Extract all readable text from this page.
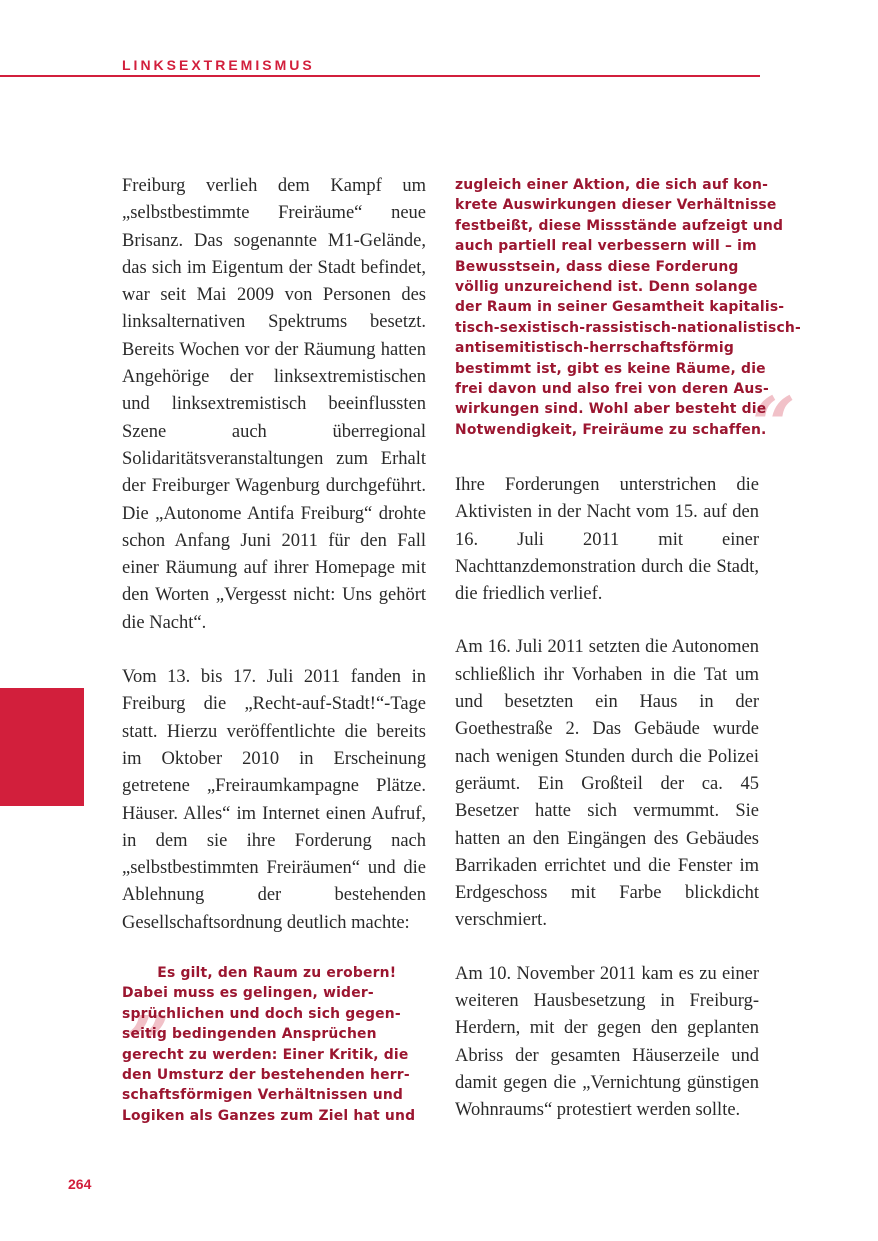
LINKSEXTREMISMUS

Freiburg verlieh dem Kampf um „selbstbestimmte Freiräume“ neue Brisanz. Das sogenannte M1-Gelände, das sich im Eigentum der Stadt befindet, war seit Mai 2009 von Personen des linksalternativen Spektrums besetzt. Bereits Wochen vor der Räumung hatten Angehörige der linksextremistischen und linksextremistisch beeinflussten Szene auch überregional Solidaritätsveranstaltungen zum Erhalt der Freiburger Wagenburg durchgeführt. Die „Autonome Antifa Freiburg“ drohte schon Anfang Juni 2011 für den Fall einer Räumung auf ihrer Homepage mit den Worten „Vergesst nicht: Uns gehört die Nacht“.

Vom 13. bis 17. Juli 2011 fanden in Freiburg die „Recht-auf-Stadt!“-Tage statt. Hierzu veröffentlichte die bereits im Oktober 2010 in Erscheinung getretene „Freiraumkampagne Plätze. Häuser. Alles“ im Internet einen Aufruf, in dem sie ihre Forderung nach „selbstbestimmten Freiräumen“ und die Ablehnung der bestehenden Gesellschaftsordnung deutlich machte:

„
Es gilt, den Raum zu erobern!
Dabei muss es gelingen, wider-
sprüchlichen und doch sich gegen-
seitig bedingenden Ansprüchen
gerecht zu werden: Einer Kritik, die
den Umsturz der bestehenden herr-
schaftsförmigen Verhältnissen und
Logiken als Ganzes zum Ziel hat und
“
zugleich einer Aktion, die sich auf kon-
krete Auswirkungen dieser Verhältnisse
festbeißt, diese Missstände aufzeigt und
auch partiell real verbessern will – im
Bewusstsein, dass diese Forderung
völlig unzureichend ist. Denn solange
der Raum in seiner Gesamtheit kapitalis-
tisch-sexistisch-rassistisch-nationalistisch-
antisemitistisch-herrschaftsförmig
bestimmt ist, gibt es keine Räume, die
frei davon und also frei von deren Aus-
wirkungen sind. Wohl aber besteht die
Notwendigkeit, Freiräume zu schaffen.

Ihre Forderungen unterstrichen die Aktivisten in der Nacht vom 15. auf den 16. Juli 2011 mit einer Nachttanzdemonstration durch die Stadt, die friedlich verlief.

Am 16. Juli 2011 setzten die Autonomen schließlich ihr Vorhaben in die Tat um und besetzten ein Haus in der Goethestraße 2. Das Gebäude wurde nach wenigen Stunden durch die Polizei geräumt. Ein Großteil der ca. 45 Besetzer hatte sich vermummt. Sie hatten an den Eingängen des Gebäudes Barrikaden errichtet und die Fenster im Erdgeschoss mit Farbe blickdicht verschmiert.

Am 10. November 2011 kam es zu einer weiteren Hausbesetzung in Freiburg-Herdern, mit der gegen den geplanten Abriss der gesamten Häuserzeile und damit gegen die „Vernichtung günstigen Wohnraums“ protestiert werden sollte.

264
